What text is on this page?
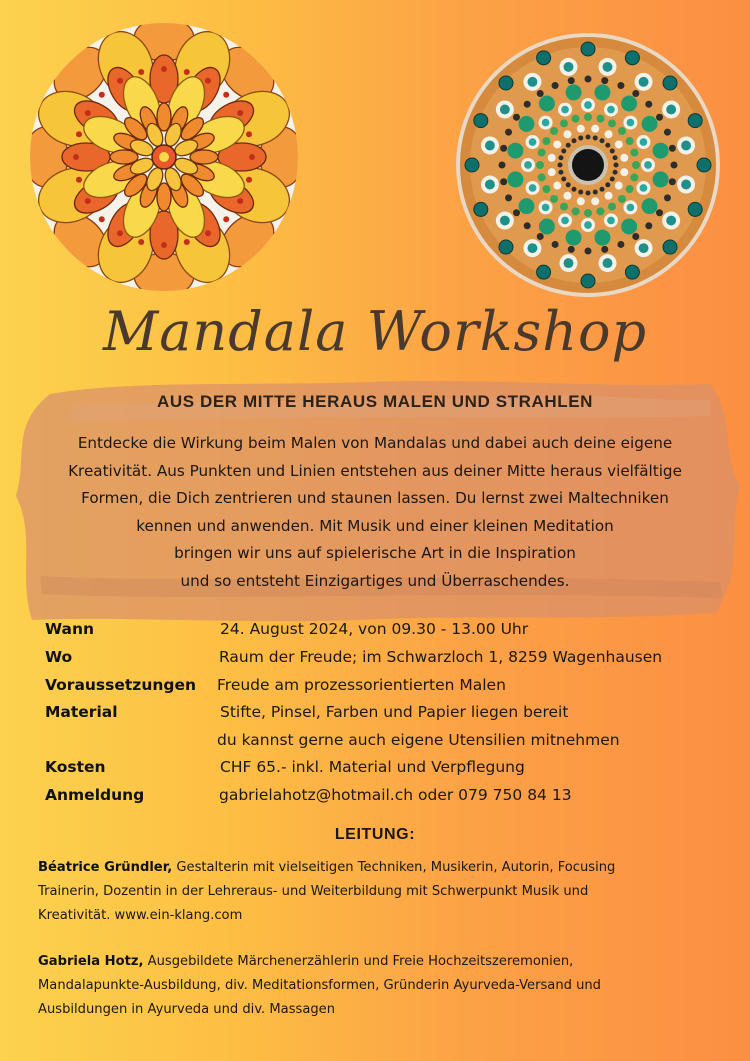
Mandala Workshop
AUS DER MITTE HERAUS MALEN UND STRAHLEN

Entdecke die Wirkung beim Malen von Mandalas und dabei auch deine eigene

Kreativität. Aus Punkten und Linien entstehen aus deiner Mitte heraus vielfältige

Formen, die Dich zentrieren und staunen lassen. Du lernst zwei Maltechniken

kennen und anwenden. Mit Musik und einer kleinen Meditation

bringen wir uns auf spielerische Art in die Inspiration

und so entsteht Einzigartiges und Überraschendes.

Wann	24. August 2024, von 09.30 - 13.00 Uhr
Wo	Raum der Freude; im Schwarzloch 1, 8259 Wagenhausen
Voraussetzungen Freude am prozessorientierten Malen
Material	Stifte, Pinsel, Farben und Papier liegen bereit
du kannst gerne auch eigene Utensilien mitnehmen
Kosten	CHF 65.- inkl. Material und Verpflegung
Anmeldung	gabrielahotz@hotmail.ch oder 079 750 84 13
LEITUNG:
Béatrice Gründler, Gestalterin mit vielseitigen Techniken, Musikerin, Autorin, Focusing
Trainerin, Dozentin in der Lehreraus- und Weiterbildung mit Schwerpunkt Musik und
Kreativität. www.ein-klang.com
Gabriela Hotz, Ausgebildete Märchenerzählerin und Freie Hochzeitszeremonien,
Mandalapunkte-Ausbildung, div. Meditationsformen, Gründerin Ayurveda-Versand und
Ausbildungen in Ayurveda und div. Massagen
